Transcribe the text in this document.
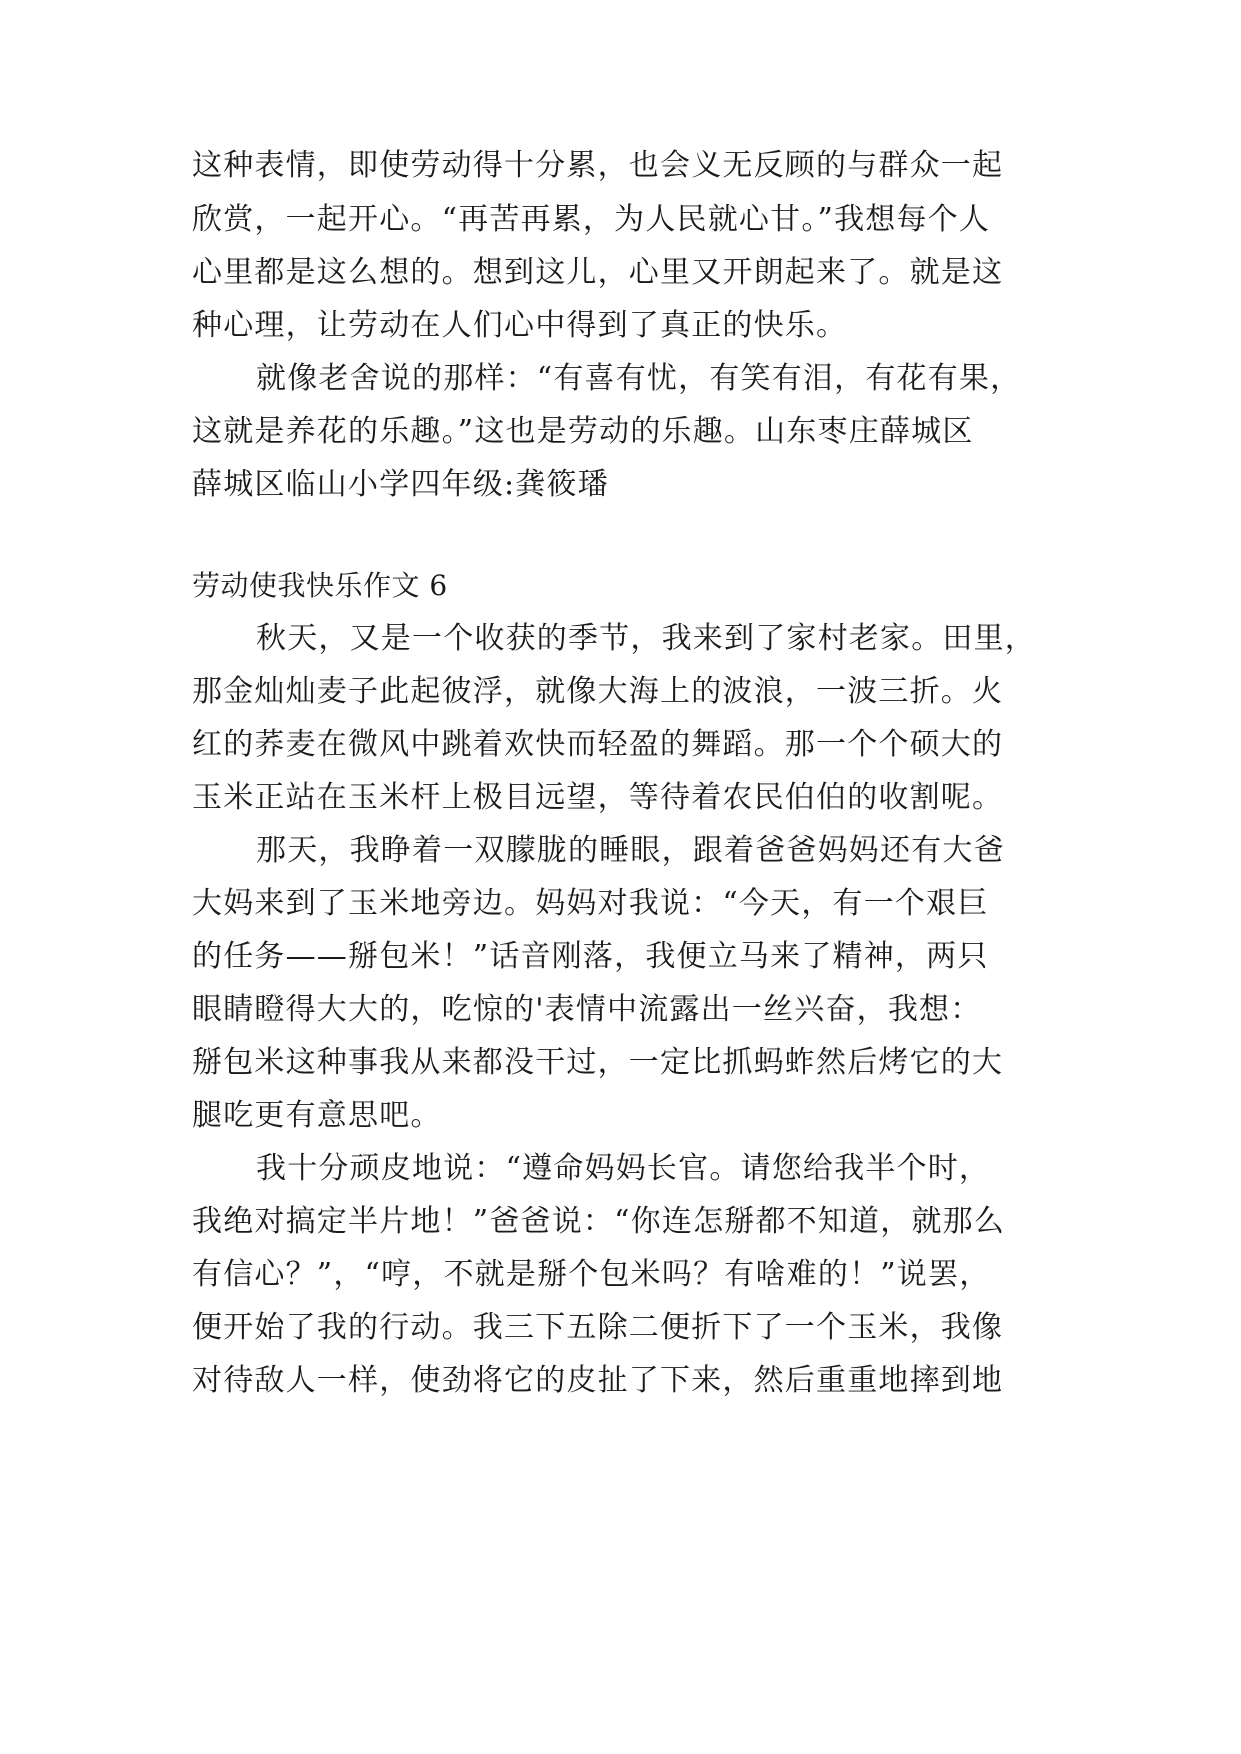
这种表情，即使劳动得十分累，也会义无反顾的与群众一起
欣赏，一起开心。“再苦再累，为人民就心甘。”我想每个人
心里都是这么想的。想到这儿，心里又开朗起来了。就是这
种心理，让劳动在人们心中得到了真正的快乐。
就像老舍说的那样：“有喜有忧，有笑有泪，有花有果，
这就是养花的乐趣。”这也是劳动的乐趣。山东枣庄薛城区
薛城区临山小学四年级:龚筱璠
劳动使我快乐作文 6
秋天，又是一个收获的季节，我来到了家村老家。田里，
那金灿灿麦子此起彼浮，就像大海上的波浪，一波三折。火
红的荞麦在微风中跳着欢快而轻盈的舞蹈。那一个个硕大的
玉米正站在玉米杆上极目远望，等待着农民伯伯的收割呢。
那天，我睁着一双朦胧的睡眼，跟着爸爸妈妈还有大爸
大妈来到了玉米地旁边。妈妈对我说：“今天，有一个艰巨
的任务——掰包米！”话音刚落，我便立马来了精神，两只
眼睛瞪得大大的，吃惊的'表情中流露出一丝兴奋，我想：
掰包米这种事我从来都没干过，一定比抓蚂蚱然后烤它的大
腿吃更有意思吧。
我十分顽皮地说：“遵命妈妈长官。请您给我半个时，
我绝对搞定半片地！”爸爸说：“你连怎掰都不知道，就那么
有信心？”，“哼，不就是掰个包米吗？有啥难的！”说罢，
便开始了我的行动。我三下五除二便折下了一个玉米，我像
对待敌人一样，使劲将它的皮扯了下来，然后重重地摔到地
